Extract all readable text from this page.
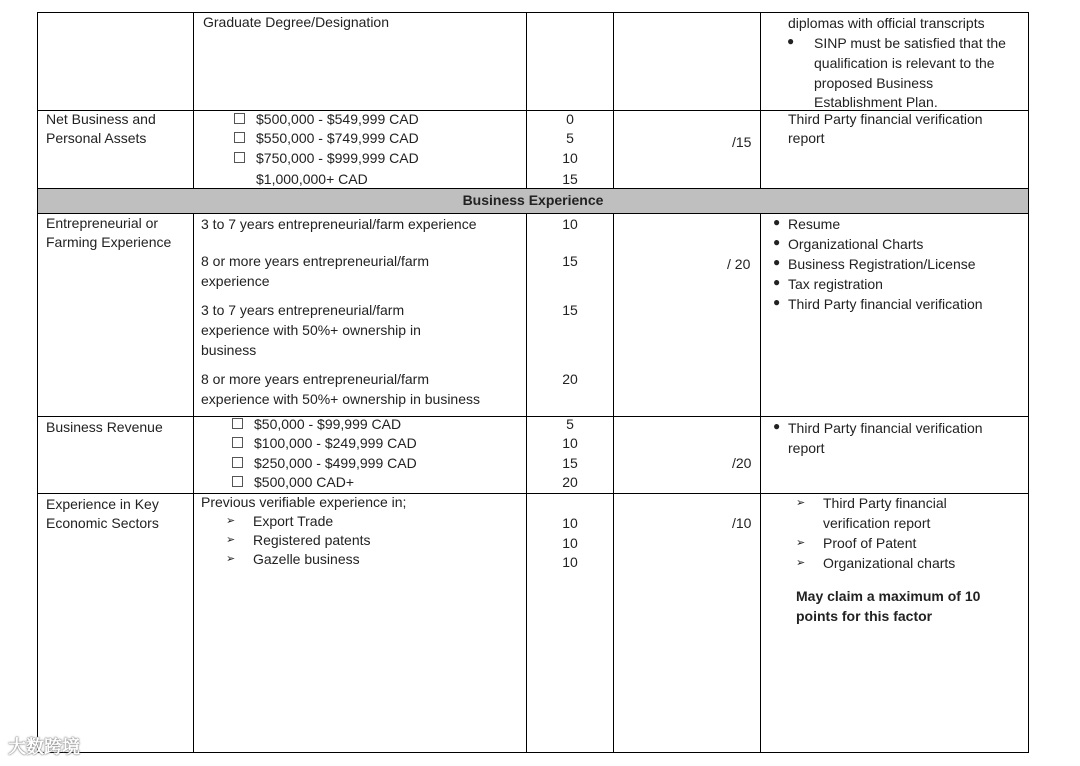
Graduate Degree/Designation	diplomas with official transcripts
● SINP must be satisfied that the
qualification is relevant to the
proposed Business
Establishment Plan.
Net Business and
Personal Assets
$500,000 - $549,999 CAD
$550,000 - $749,999 CAD
$750,000 - $999,999 CAD
$1,000,000+ CAD
0
5
10
15
/15
Third Party financial verification
report
Business Experience
Entrepreneurial or
Farming Experience
3 to 7 years entrepreneurial/farm experience
8 or more years entrepreneurial/farm
experience
3 to 7 years entrepreneurial/farm
experience with 50%+ ownership in
business
8 or more years entrepreneurial/farm
experience with 50%+ ownership in business
10
15
15
20
/ 20
● Resume
● Organizational Charts
● Business Registration/License
● Tax registration
● Third Party financial verification
Business Revenue	$50,000 - $99,999 CAD
$100,000 - $249,999 CAD
$250,000 - $499,999 CAD
$500,000 CAD+
5
10
15
20
/20
● Third Party financial verification
report
Experience in Key
Economic Sectors
Previous verifiable experience in;
➢ Export Trade
➢ Registered patents
➢ Gazelle business
10
10
10
/10
➢ Third Party financial
verification report
➢ Proof of Patent
➢ Organizational charts
May claim a maximum of 10
points for this factor
大数跨境
